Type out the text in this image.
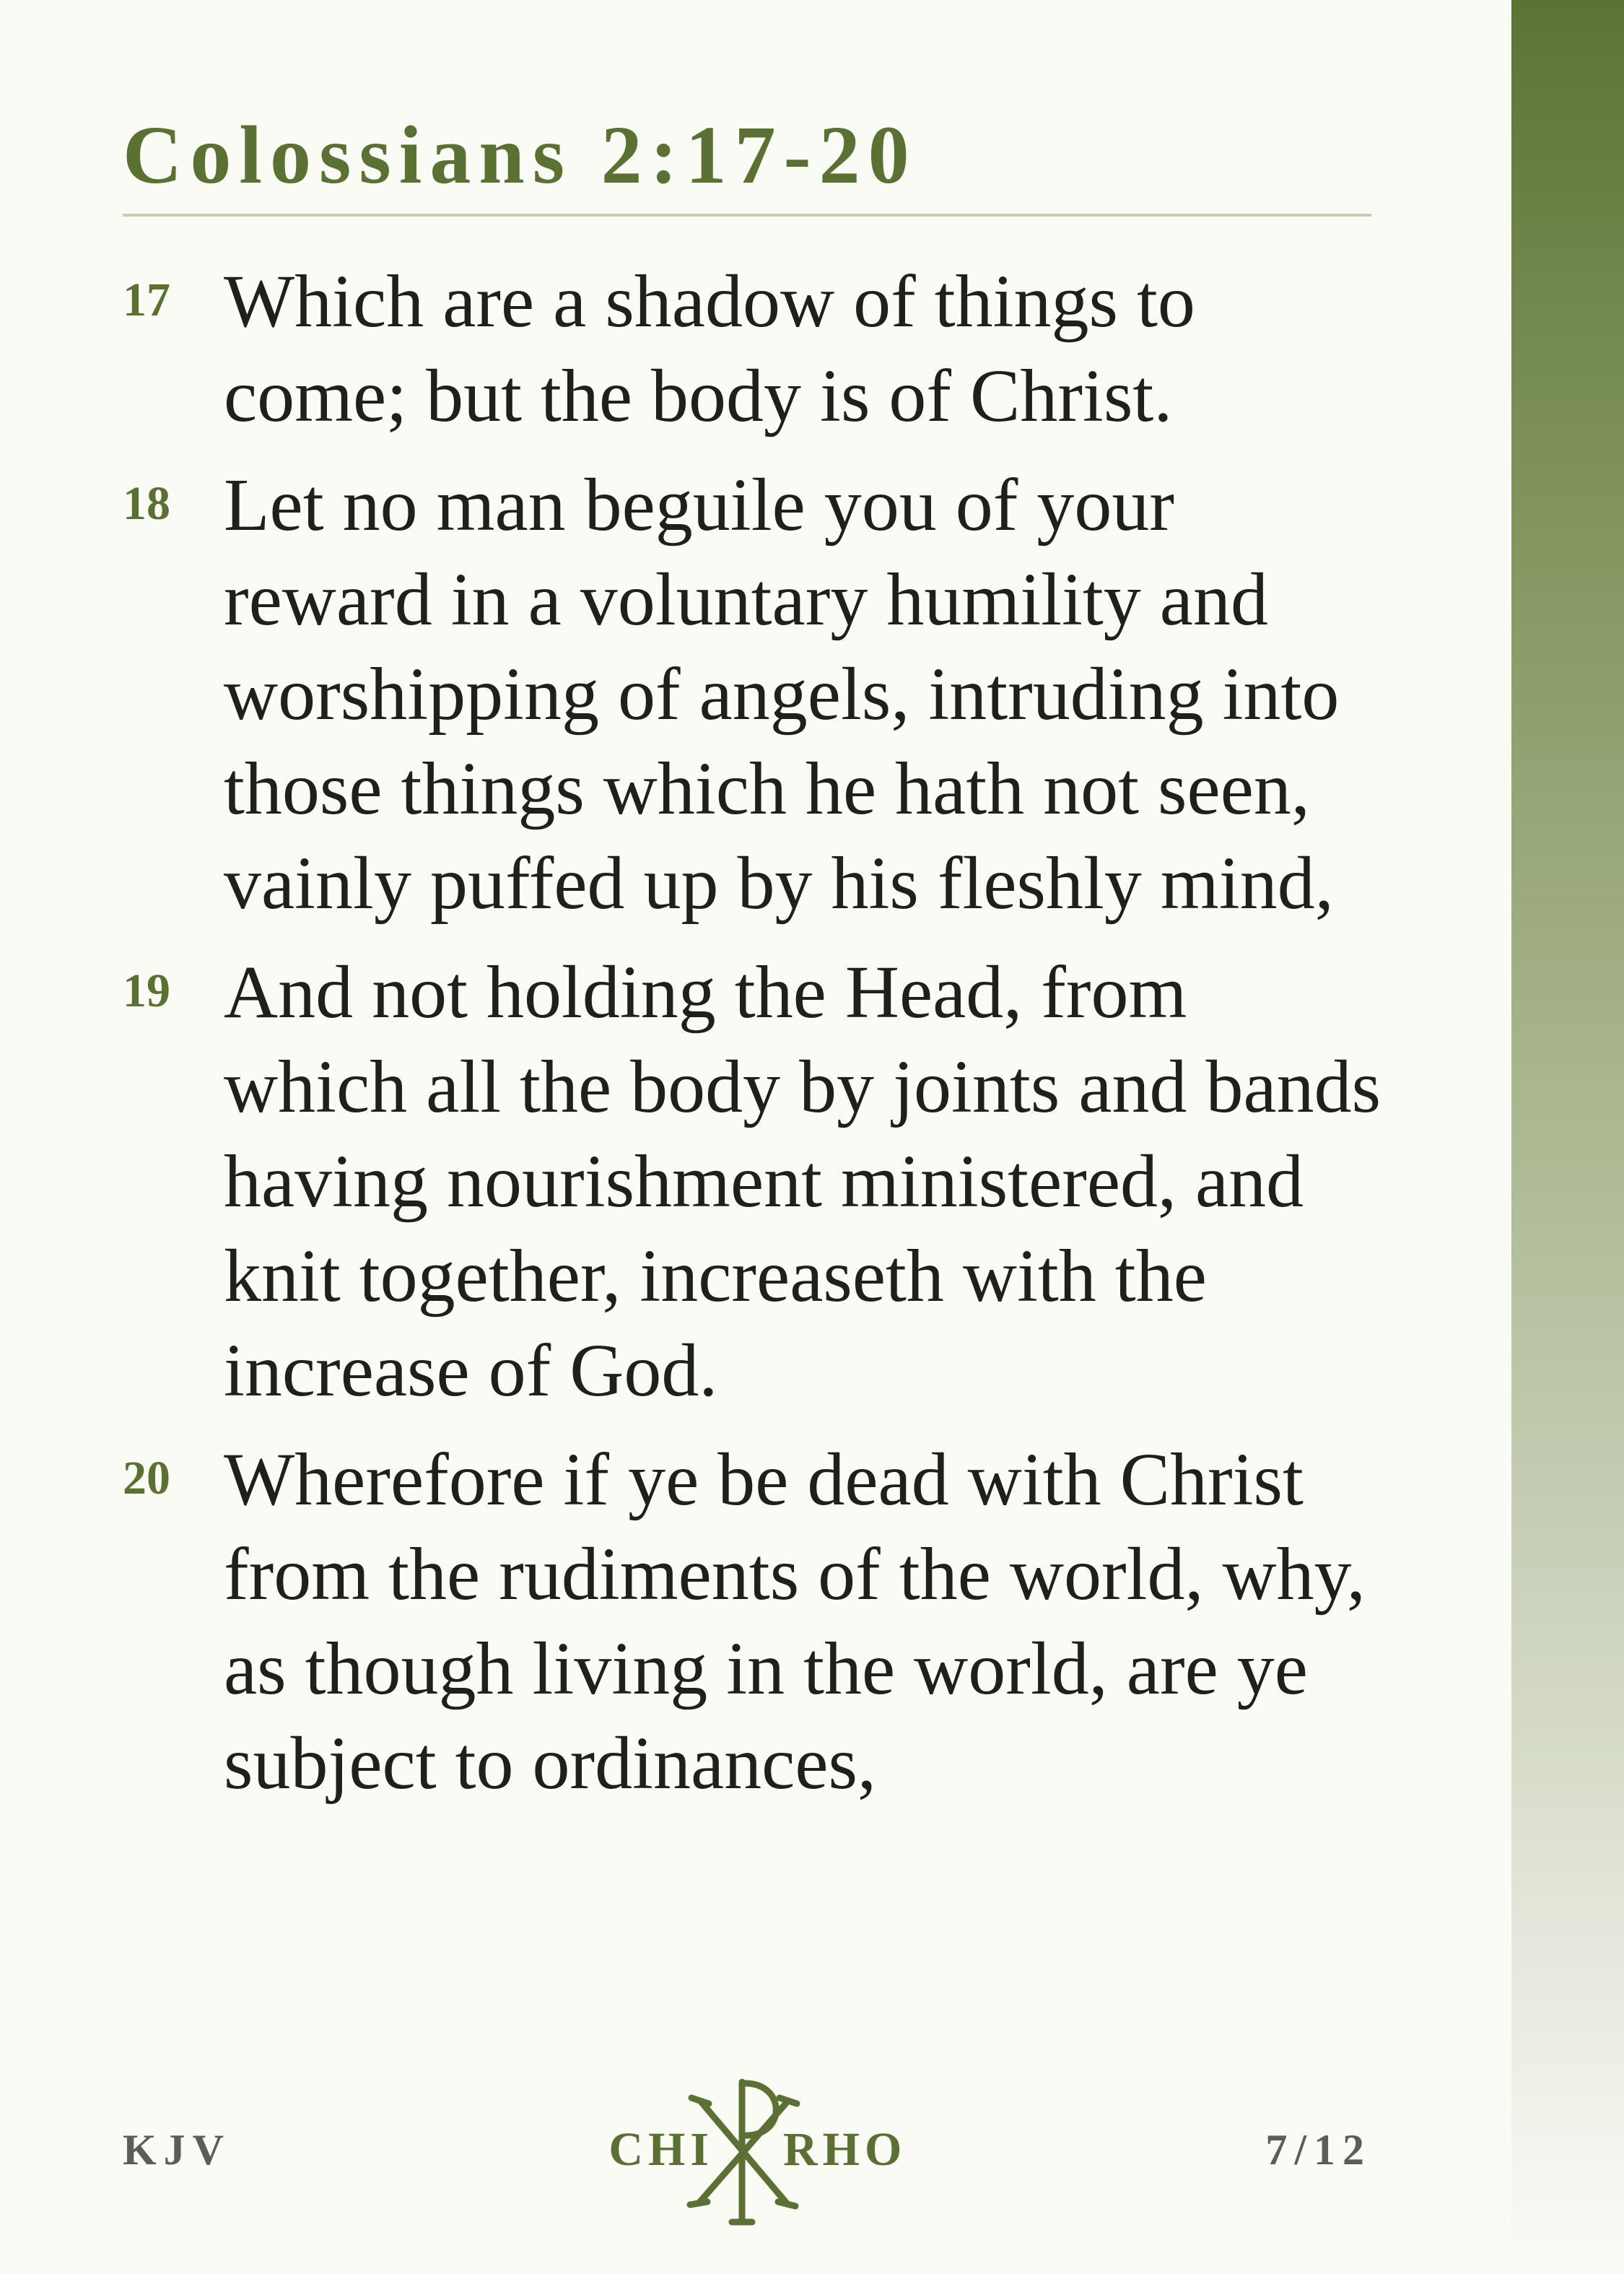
Colossians 2:17-20
17 Which are a shadow of things to come; but the body is of Christ.
18 Let no man beguile you of your reward in a voluntary humility and worshipping of angels, intruding into those things which he hath not seen, vainly puffed up by his fleshly mind,
19 And not holding the Head, from which all the body by joints and bands having nourishment ministered, and knit together, increaseth with the increase of God.
20 Wherefore if ye be dead with Christ from the rudiments of the world, why, as though living in the world, are ye subject to ordinances,
KJV	CHI RHO	7/12
